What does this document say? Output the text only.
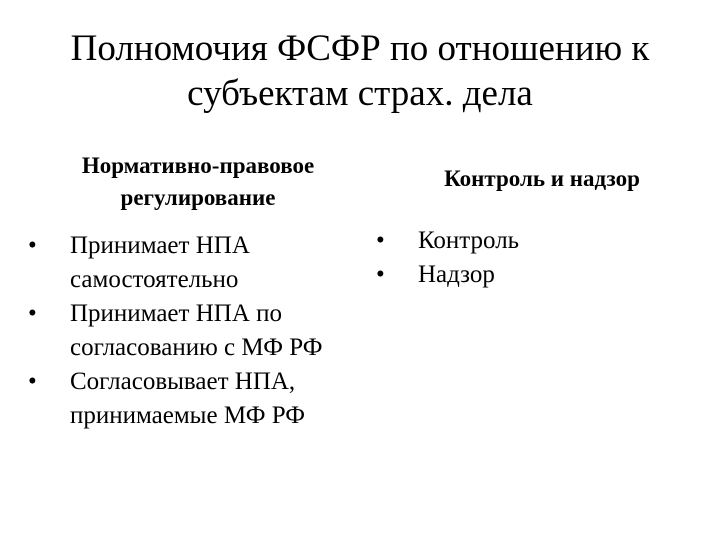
Полномочия ФСФР по отношению к
субъектам страх. дела
Нормативно-правовое
регулирование
Контроль и надзор
•	Принимает НПА самостоятельно
•	Принимает НПА по согласованию с МФ РФ
•	Согласовывает НПА, принимаемые МФ РФ
•	Контроль
•	Надзор
